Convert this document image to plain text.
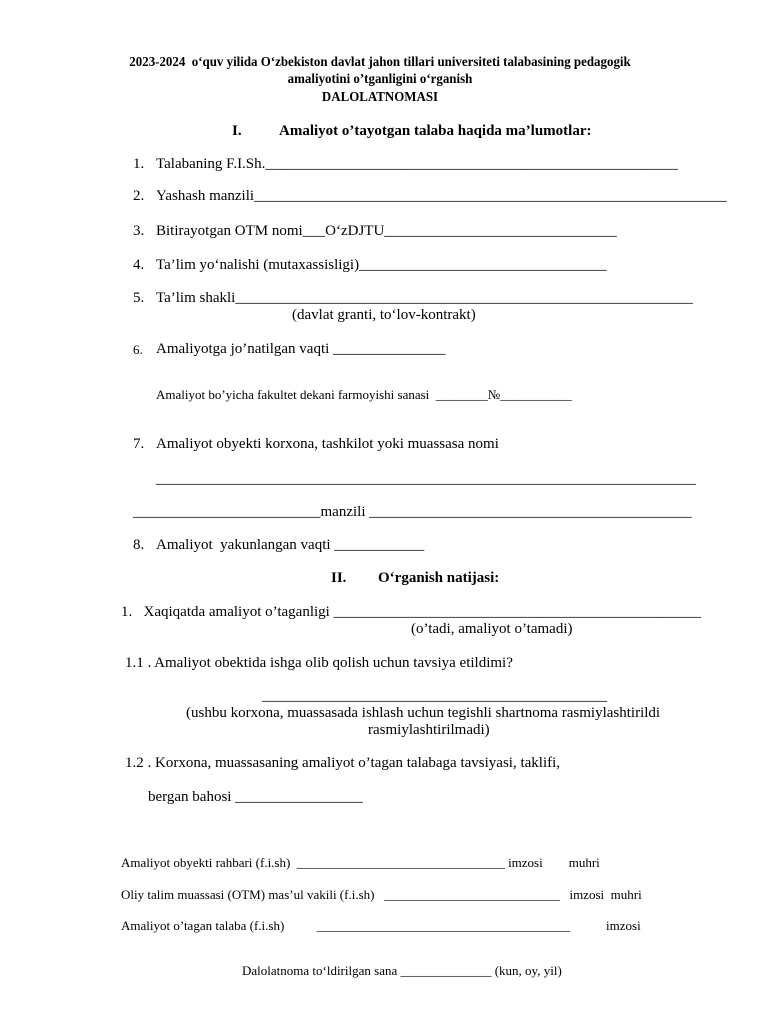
2023-2024  o‘quv yilida O‘zbekiston davlat jahon tillari universiteti talabasining pedagogik
amaliyotini o’tganligini o‘rganish
DALOLATNOMASI
I. Amaliyot o’tayotgan talaba haqida ma’lumotlar:
1. Talabaning F.I.Sh._______________________________________________________
2. Yashash manzili_______________________________________________________________
3. Bitirayotgan OTM nomi___O‘zDJTU_______________________________
4. Ta’lim yo‘nalishi (mutaxassisligi)_________________________________
5. Ta’lim shakli_____________________________________________________________
(davlat granti, to‘lov-kontrakt)
6. Amaliyotga jo’natilgan vaqti _______________
Amaliyot bo’yicha fakultet dekani farmoyishi sanasi  ________№___________
7. Amaliyot obyekti korxona, tashkilot yoki muassasa nomi
________________________________________________________________________
_________________________manzili ___________________________________________
8. Amaliyot  yakunlangan vaqti ____________
II. O‘rganish natijasi:
1.   Xaqiqatda amaliyot o’taganligi _________________________________________________
(o’tadi, amaliyot o’tamadi)
1.1 . Amaliyot obektida ishga olib qolish uchun tavsiya etildimi?
______________________________________________
(ushbu korxona, muassasada ishlash uchun tegishli shartnoma rasmiylashtirildi
rasmiylashtirilmadi)
1.2 . Korxona, muassasaning amaliyot o’tagan talabaga tavsiyasi, taklifi,
bergan bahosi _________________
Amaliyot obyekti rahbari (f.i.sh)  ________________________________ imzosi        muhri
Oliy talim muassasi (OTM) mas’ul vakili (f.i.sh)   ___________________________   imzosi  muhri
Amaliyot o’tagan talaba (f.i.sh)          _______________________________________           imzosi
Dalolatnoma to‘ldirilgan sana ______________ (kun, oy, yil)
